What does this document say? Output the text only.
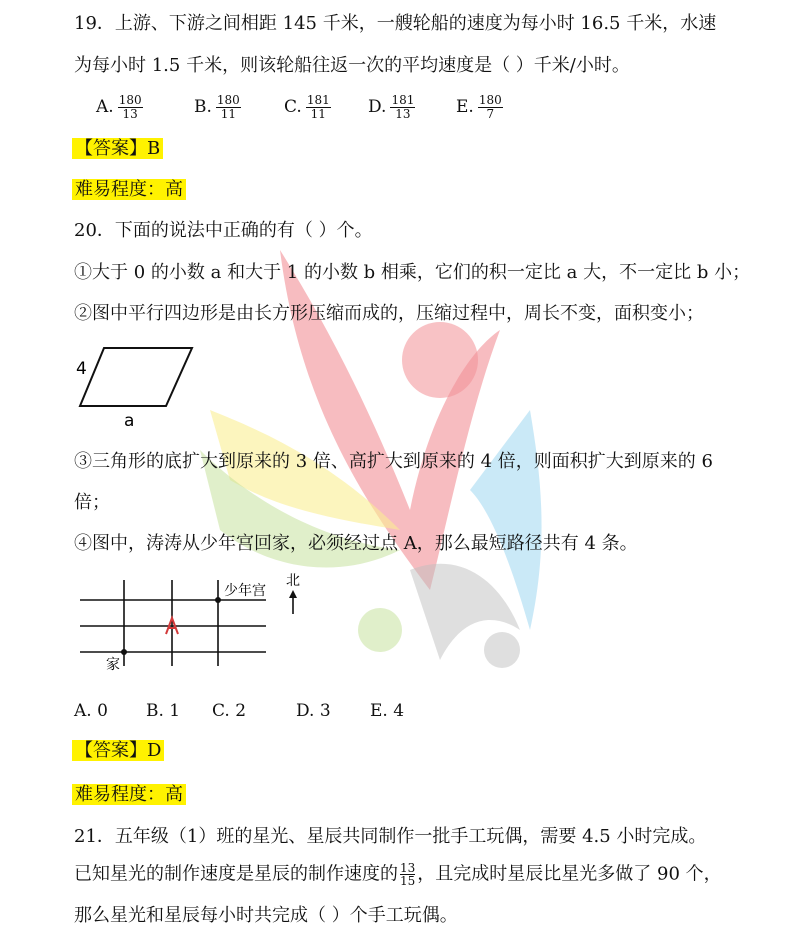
19．上游、下游之间相距 145 千米，一艘轮船的速度为每小时 16.5 千米，水速
为每小时 1.5 千米，则该轮船往返一次的平均速度是（ ）千米/小时。
A. $\frac{180}{13}$	B. $\frac{180}{11}$	C. $\frac{181}{11} D$. $\frac{181}{13} E$. $\frac{180}{7}$
【答案】B
难易程度：高
20．下面的说法中正确的有（ ）个。
①大于 0 的小数 a 和大于 1 的小数 b 相乘，它们的积一定比 a 大，不一定比 b 小；
②图中平行四边形是由长方形压缩而成的，压缩过程中，周长不变，面积变小；
4
a
③三角形的底扩大到原来的 3 倍、高扩大到原来的 4 倍，则面积扩大到原来的 6
倍；
④图中，涛涛从少年宫回家，必须经过点 A，那么最短路径共有 4 条。
少年宫
家
北
A. 0 B. 1 C. 2	D. 3 E. 4
【答案】D
难易程度：高
21．五年级（1）班的星光、星辰共同制作一批手工玩偶，需要 4.5 小时完成。
已知星光的制作速度是星辰的制作速度的 $\frac{13}{15}$ ，且完成时星辰比星光多做了 90 个，
那么星光和星辰每小时共完成（ ）个手工玩偶。
